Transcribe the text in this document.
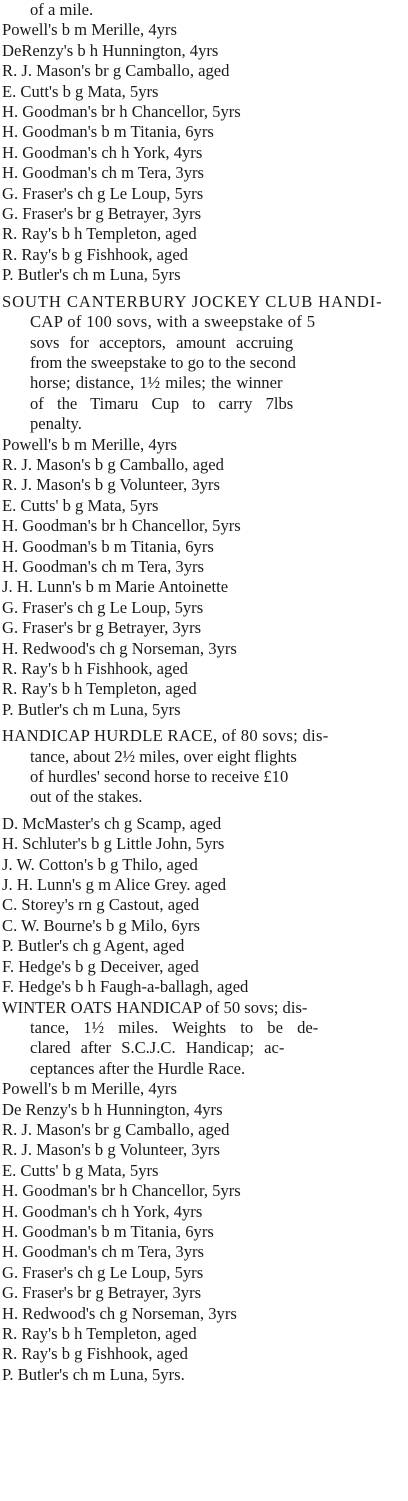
of a mile.
Powell's b m Merille, 4yrs
DeRenzy's b h Hunnington, 4yrs
R. J. Mason's br g Camballo, aged
E. Cutt's b g Mata, 5yrs
H. Goodman's br h Chancellor, 5yrs
H. Goodman's b m Titania, 6yrs
H. Goodman's ch h York, 4yrs
H. Goodman's ch m Tera, 3yrs
G. Fraser's ch g Le Loup, 5yrs
G. Fraser's br g Betrayer, 3yrs
R. Ray's b h Templeton, aged
R. Ray's b g Fishhook, aged
P. Butler's ch m Luna, 5yrs
SOUTH CANTERBURY JOCKEY CLUB HANDI-
CAP of 100 sovs, with a sweepstake of 5
sovs for acceptors, amount accruing
from the sweepstake to go to the second
horse; distance, 1½ miles; the winner
of the Timaru Cup to carry 7lbs
penalty.
Powell's b m Merille, 4yrs
R. J. Mason's b g Camballo, aged
R. J. Mason's b g Volunteer, 3yrs
E. Cutts' b g Mata, 5yrs
H. Goodman's br h Chancellor, 5yrs
H. Goodman's b m Titania, 6yrs
H. Goodman's ch m Tera, 3yrs
J. H. Lunn's b m Marie Antoinette
G. Fraser's ch g Le Loup, 5yrs
G. Fraser's br g Betrayer, 3yrs
H. Redwood's ch g Norseman, 3yrs
R. Ray's b h Fishhook, aged
R. Ray's b h Templeton, aged
P. Butler's ch m Luna, 5yrs
HANDICAP HURDLE RACE, of 80 sovs; dis-
tance, about 2½ miles, over eight flights
of hurdles' second horse to receive £10
out of the stakes.
D. McMaster's ch g Scamp, aged
H. Schluter's b g Little John, 5yrs
J. W. Cotton's b g Thilo, aged
J. H. Lunn's g m Alice Grey. aged
C. Storey's rn g Castout, aged
C. W. Bourne's b g Milo, 6yrs
P. Butler's ch g Agent, aged
F. Hedge's b g Deceiver, aged
F. Hedge's b h Faugh-a-ballagh, aged
WINTER OATS HANDICAP of 50 sovs; dis-
tance, 1½ miles. Weights to be de-
clared after S.C.J.C. Handicap; ac-
ceptances after the Hurdle Race.
Powell's b m Merille, 4yrs
De Renzy's b h Hunnington, 4yrs
R. J. Mason's br g Camballo, aged
R. J. Mason's b g Volunteer, 3yrs
E. Cutts' b g Mata, 5yrs
H. Goodman's br h Chancellor, 5yrs
H. Goodman's ch h York, 4yrs
H. Goodman's b m Titania, 6yrs
H. Goodman's ch m Tera, 3yrs
G. Fraser's ch g Le Loup, 5yrs
G. Fraser's br g Betrayer, 3yrs
H. Redwood's ch g Norseman, 3yrs
R. Ray's b h Templeton, aged
R. Ray's b g Fishhook, aged
P. Butler's ch m Luna, 5yrs.
